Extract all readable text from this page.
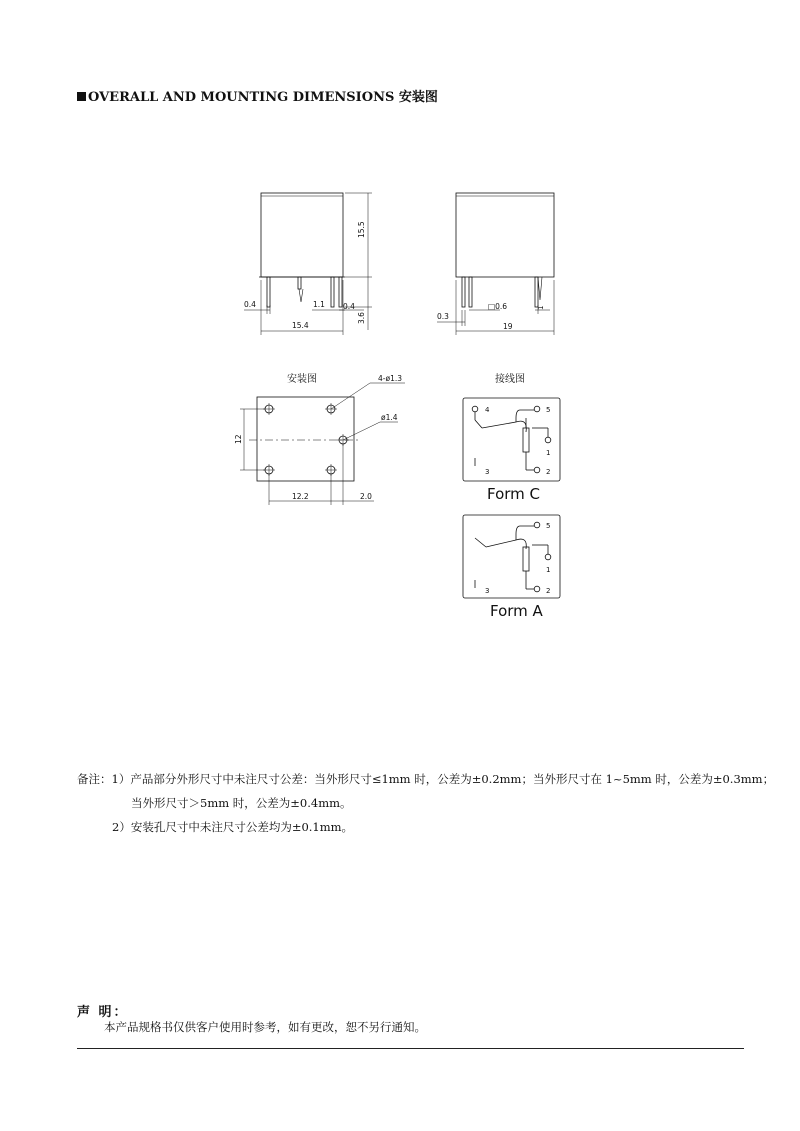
OVERALL AND MOUNTING DIMENSIONS 安装图
0.4	1.1 0.4
15.4
15.5
3.6	0.3
□0.6	1
19
安装图	4-ø1.3
ø1.4
12
12.2	2.0
接线图
4	5
1
3	2
Form C
5
1
3	2
Form A
备注：1）产品部分外形尺寸中未注尺寸公差：当外形尺寸≤1mm 时，公差为±0.2mm；当外形尺寸在 1~5mm 时，公差为±0.3mm；
当外形尺寸＞5mm 时，公差为±0.4mm。
2）安装孔尺寸中未注尺寸公差均为±0.1mm。
声 明：
本产品规格书仅供客户使用时参考，如有更改，恕不另行通知。
